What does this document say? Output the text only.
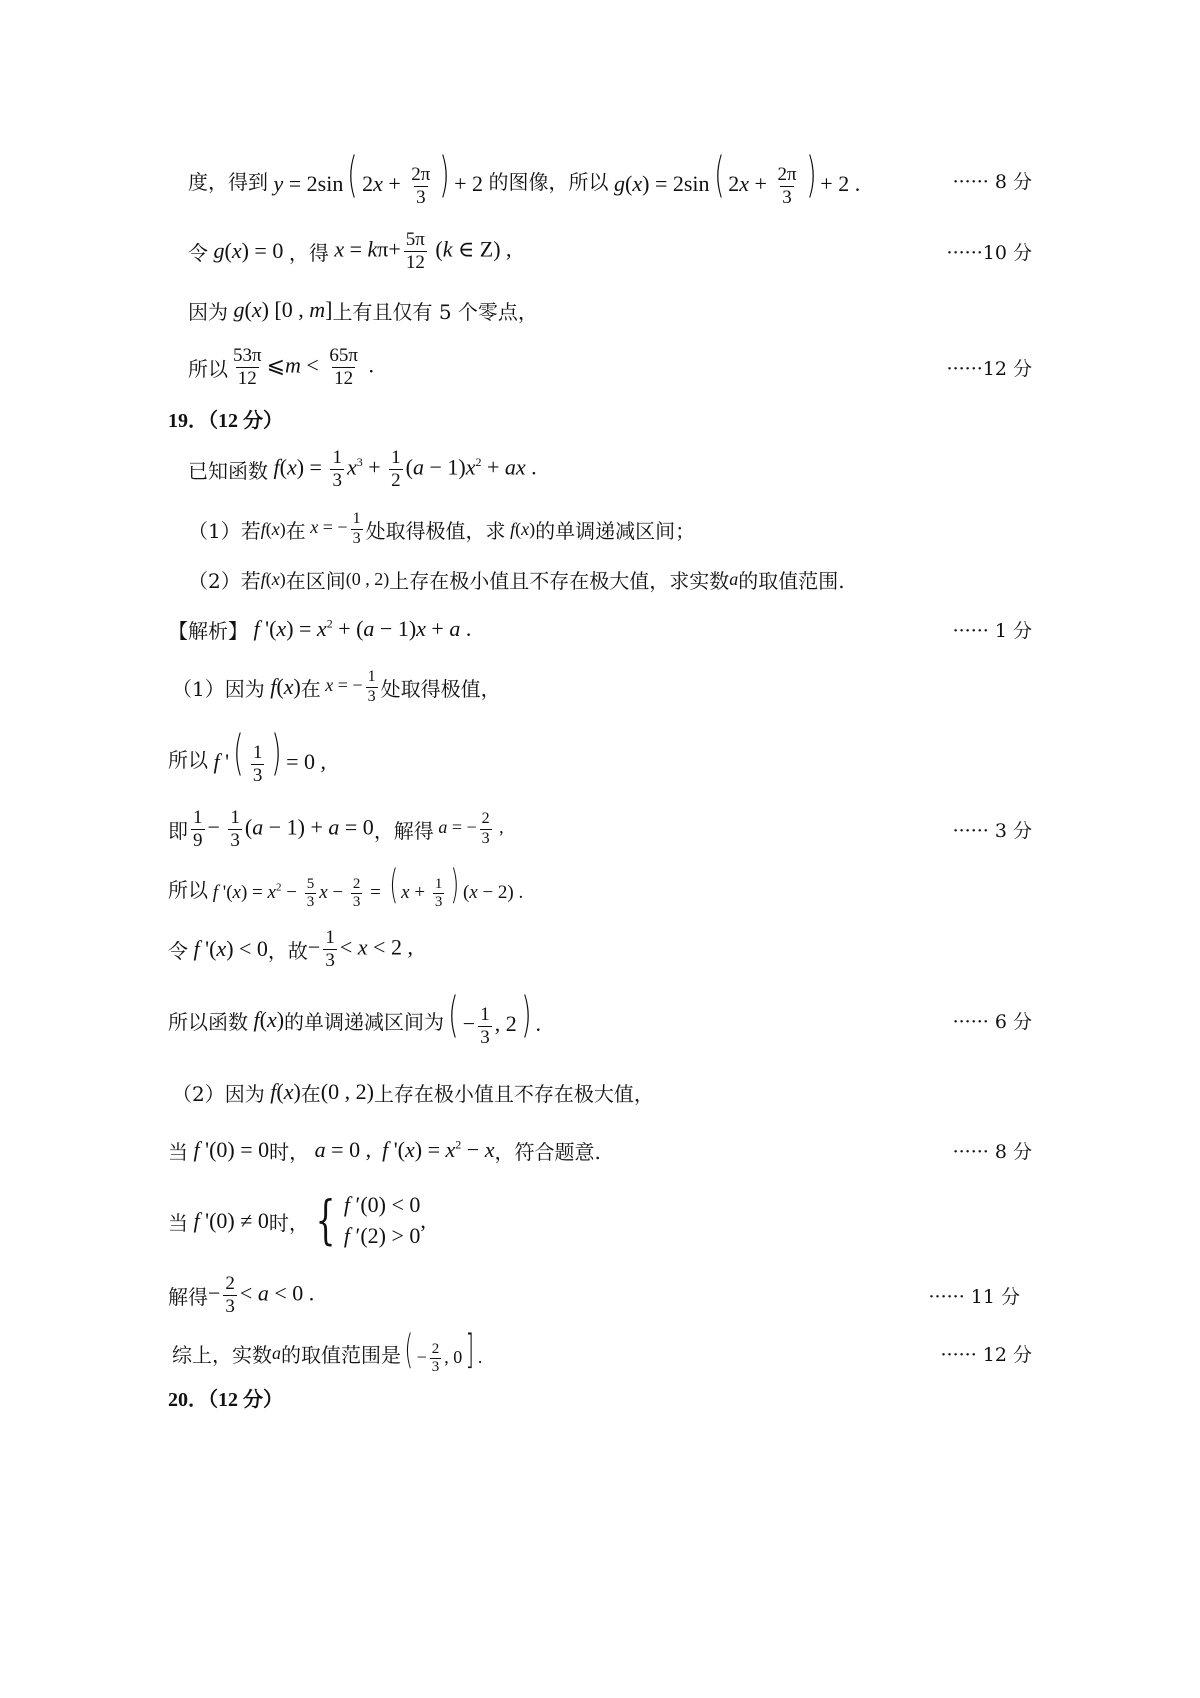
度，得到 y = 2sin( $2x + \frac{2\pi}{3}$ ) + 2 的图像，所以 g(x) = 2sin( $2x + \frac{2\pi}{3}$ ) + 2 .	······ 8 分
令 g(x) = 0 ，得 $x = k\pi+ \frac{5\pi}{12} (k$ ∈ Z) ,	······10 分
因为 g(x) [0 , m] 上有且仅有 5 个零点，
所以 $\frac{53\pi}{12}$ ⩽m < $\frac{65\pi}{12}$ .	······12 分
19．（12 分）
已知函数 $f(x) = \frac{1}{3} x^3 + \frac{1}{2} (a - 1)x^2$ + ax .
（1）若 f(x) 在 x = − $\frac{1}{3}$ 处取得极值，求 f(x) 的单调递减区间；
（2）若 f(x) 在区间 (0 , 2) 上存在极小值且不存在极大值，求实数 a 的取值范围.
【解析】 f '$(x) = x^2 + (a - 1)x + a$ .	······ 1 分
（1）因为 f(x) 在 x = − $\frac{1}{3}$ 处取得极值，
所以 f '( $\frac{1}{3}$ ) = 0 ,
即 $\frac{1}{9} - \frac{1}{3} (a - 1) + a = 0$ ，解得 a = − $\frac{2}{3}$ ,	······ 3 分
所以 f '$(x) = x^2 - \frac{5}{3}$ $x - \frac{2}{3}$ = ( $x + \frac{1}{3}$ ) (x − 2) .
令 f '(x) < 0 ，故 − $\frac{1}{3} < x < 2$ ,
所以函数 f(x) 的单调递减区间为 ( − $\frac{1}{3}$ , 2) .	······ 6 分
（2）因为 f(x) 在 (0 , 2) 上存在极小值且不存在极大值，
当 f '(0) = 0 时， a = 0 ,  f '$(x) = x^2 - x$ ，符合题意.	······ 8 分
当 f '(0) ≠ 0 时， { f ′(0) < 0
f ′(2) > 0
,
解得 − $\frac{2}{3} < a < 0$ .	······ 11 分
综上，实数 a 的取值范围是 ( − $\frac{2}{3}$ , 0] .	······ 12 分
20．（12 分）
